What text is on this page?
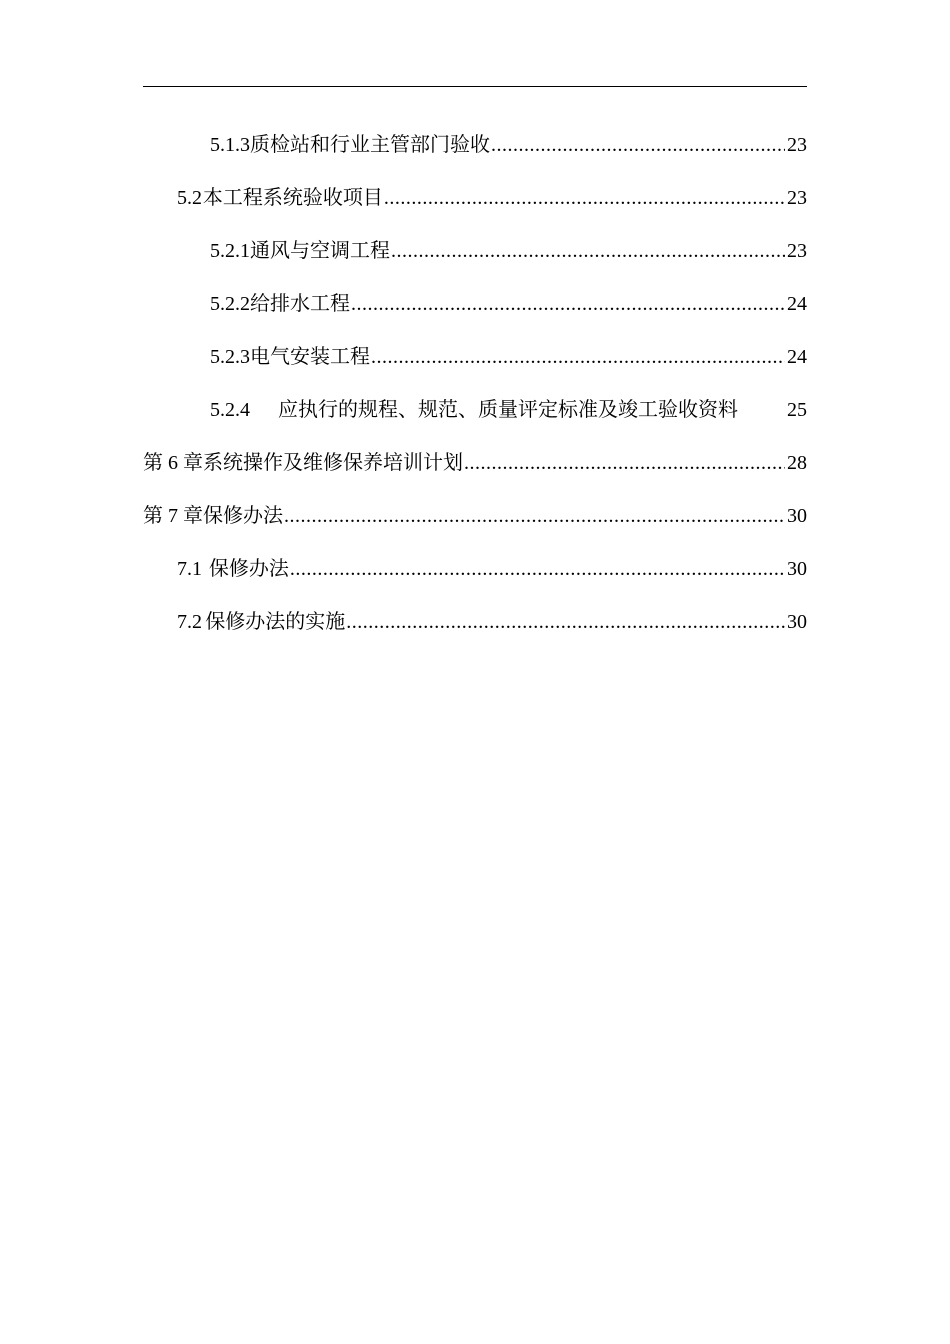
5.1.3 质检站和行业主管部门验收 .....	23
5.2 本工程系统验收项目 .....	23
5.2.1 通风与空调工程 .....	23
5.2.2 给排水工程 .....	24
5.2.3 电气安装工程 .....	24
5.2.4	应执行的规程、规范、质量评定标准及竣工验收资料	25
第 6 章 系统操作及维修保养培训计划 .....	28
第 7 章 保修办法 .....	30
7.1 保修办法 .....	30
7.2 保修办法的实施 .....	30
